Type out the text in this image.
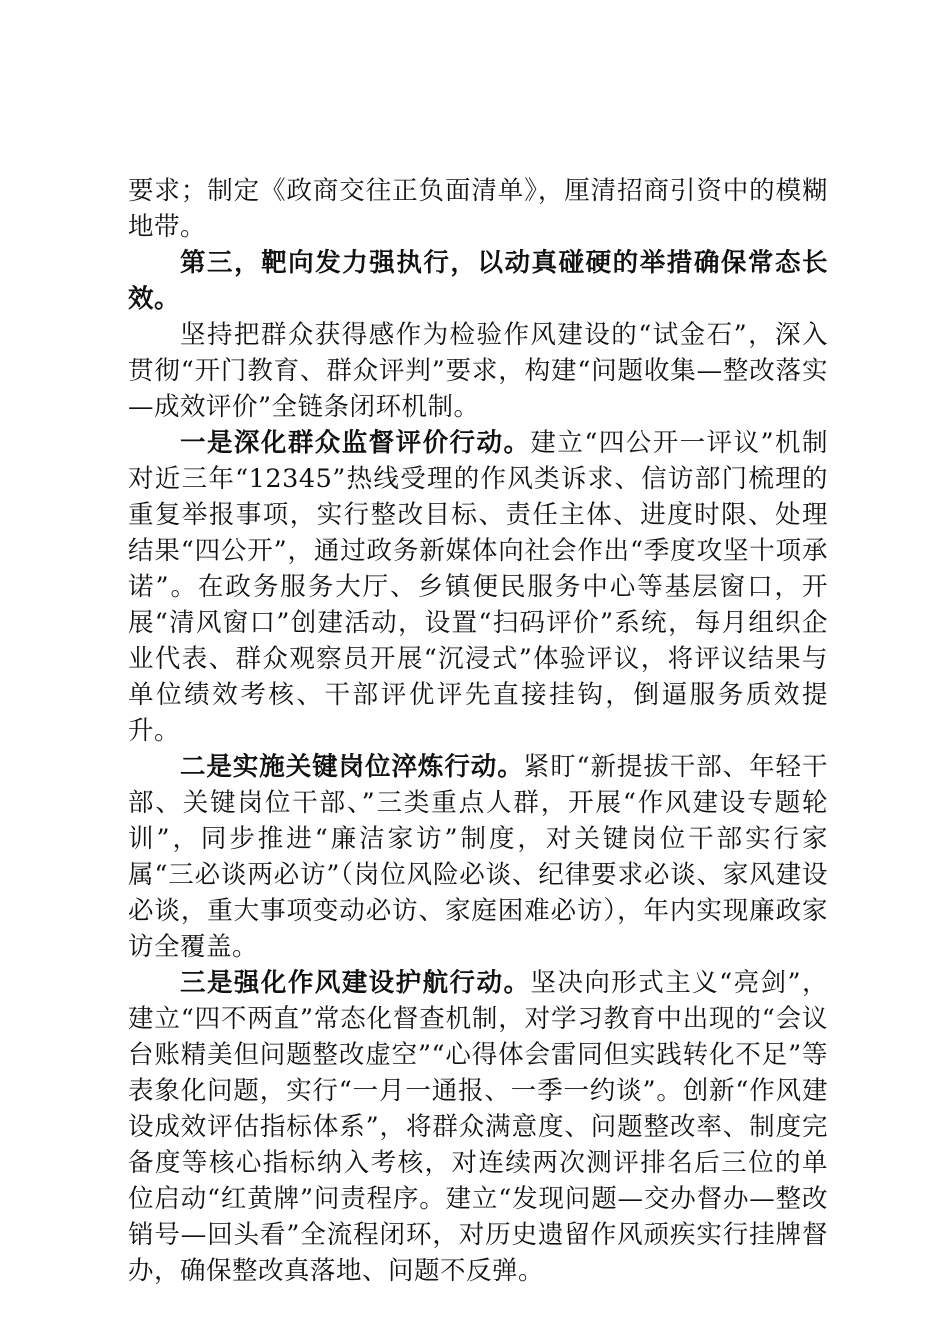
要求；制定《政商交往正负面清单》，厘清招商引资中的模糊地带。

第三，靶向发力强执行，以动真碰硬的举措确保常态长效。

坚持把群众获得感作为检验作风建设的“试金石”，深入贯彻“开门教育、群众评判”要求，构建“问题收集—整改落实—成效评价”全链条闭环机制。

一是深化群众监督评价行动。建立“四公开一评议”机制对近三年“12345”热线受理的作风类诉求、信访部门梳理的重复举报事项，实行整改目标、责任主体、进度时限、处理结果“四公开”，通过政务新媒体向社会作出“季度攻坚十项承诺”。在政务服务大厅、乡镇便民服务中心等基层窗口，开展“清风窗口”创建活动，设置“扫码评价”系统，每月组织企业代表、群众观察员开展“沉浸式”体验评议，将评议结果与单位绩效考核、干部评优评先直接挂钩，倒逼服务质效提升。

二是实施关键岗位淬炼行动。紧盯“新提拔干部、年轻干部、关键岗位干部、”三类重点人群，开展“作风建设专题轮训”，同步推进“廉洁家访”制度，对关键岗位干部实行家属“三必谈两必访”（岗位风险必谈、纪律要求必谈、家风建设必谈，重大事项变动必访、家庭困难必访），年内实现廉政家访全覆盖。

三是强化作风建设护航行动。坚决向形式主义“亮剑”，建立“四不两直”常态化督查机制，对学习教育中出现的“会议台账精美但问题整改虚空”“心得体会雷同但实践转化不足”等表象化问题，实行“一月一通报、一季一约谈”。创新“作风建设成效评估指标体系”，将群众满意度、问题整改率、制度完备度等核心指标纳入考核，对连续两次测评排名后三位的单位启动“红黄牌”问责程序。建立“发现问题—交办督办—整改销号—回头看”全流程闭环，对历史遗留作风顽疾实行挂牌督办，确保整改真落地、问题不反弹。
